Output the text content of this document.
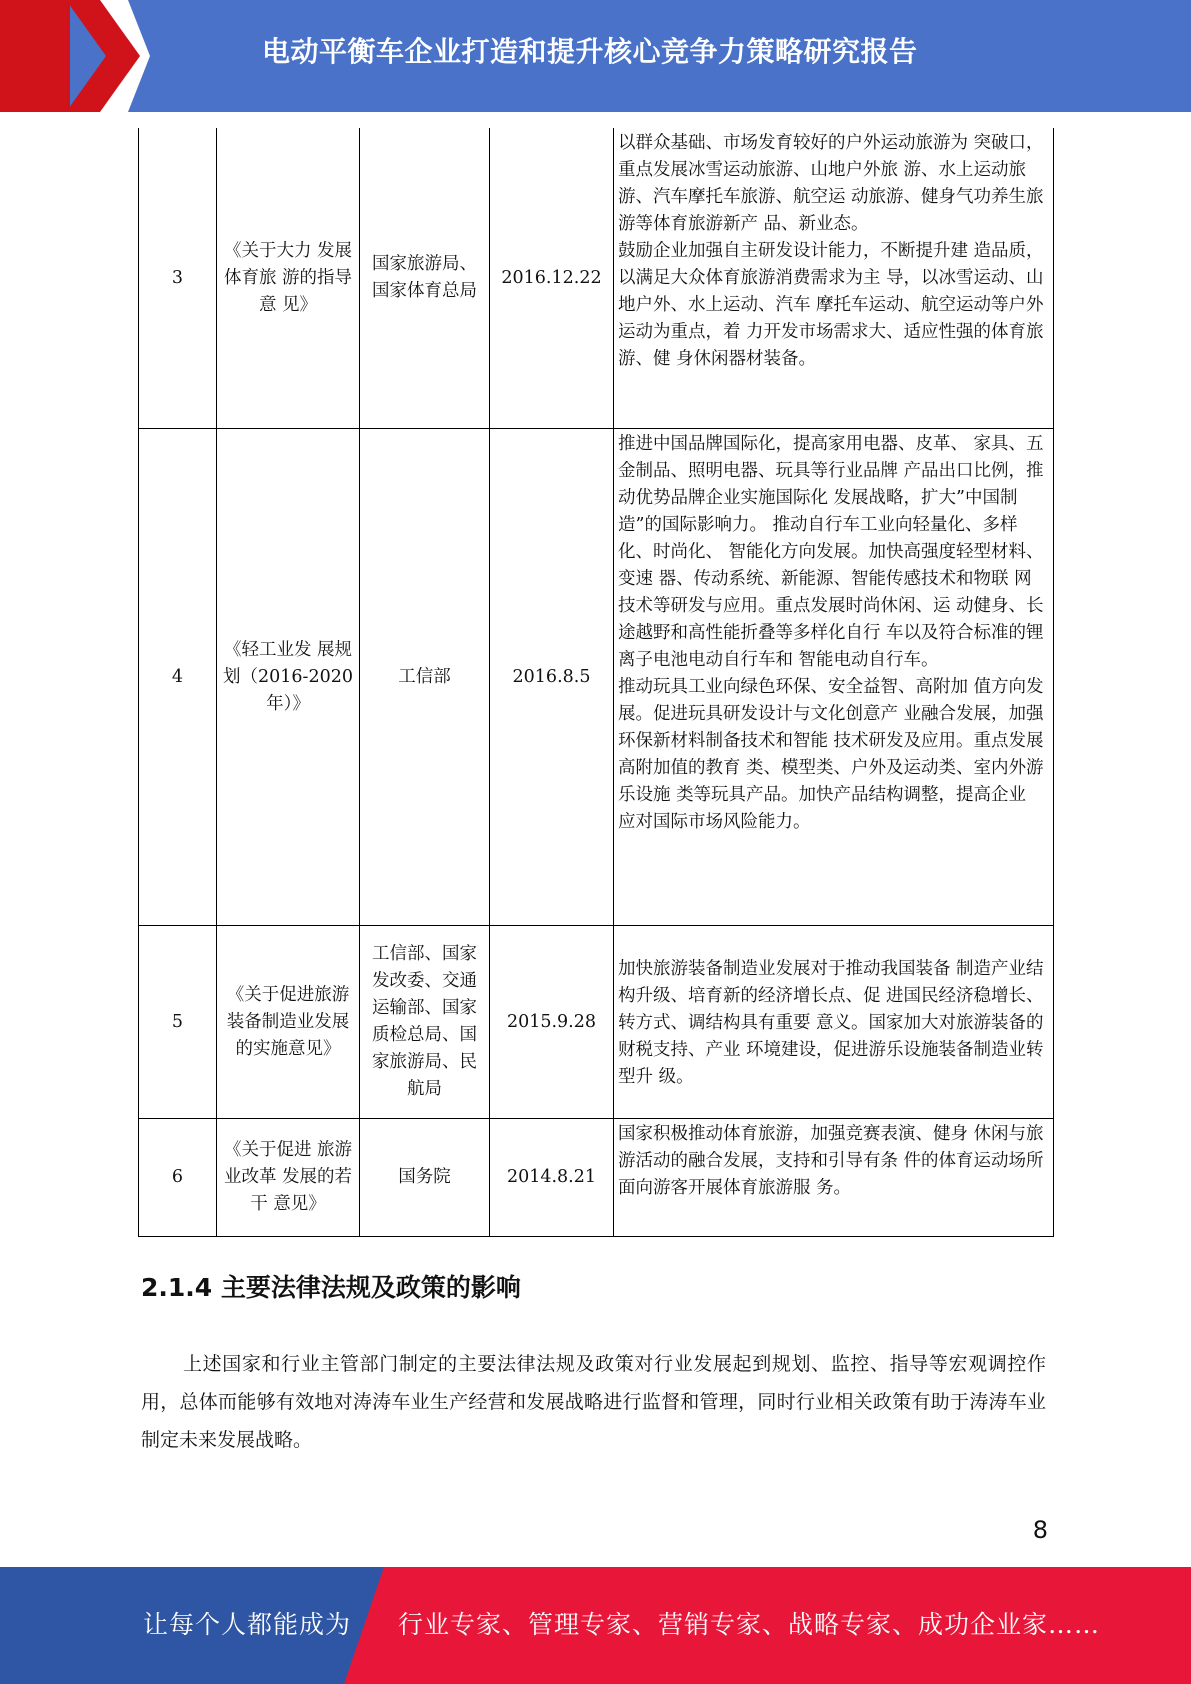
电动平衡车企业打造和提升核心竞争力策略研究报告
3	《关于大力 发展体育旅 游的指导意 见》	国家旅游局、国家体育总局	2016.12.22	以群众基础、市场发育较好的户外运动旅游为 突破口，重点发展冰雪运动旅游、山地户外旅 游、水上运动旅游、汽车摩托车旅游、航空运 动旅游、健身气功养生旅游等体育旅游新产 品、新业态。

鼓励企业加强自主研发设计能力，不断提升建 造品质，以满足大众体育旅游消费需求为主 导，以冰雪运动、山地户外、水上运动、汽车 摩托车运动、航空运动等户外运动为重点，着 力开发市场需求大、适应性强的体育旅游、健 身休闲器材装备。

4	《轻工业发 展规划（2016-2020年）》	工信部	2016.8.5	推进中国品牌国际化，提高家用电器、皮革、 家具、五金制品、照明电器、玩具等行业品牌 产品出口比例，推动优势品牌企业实施国际化 发展战略，扩大”中国制造”的国际影响力。 推动自行车工业向轻量化、多样化、时尚化、 智能化方向发展。加快高强度轻型材料、变速 器、传动系统、新能源、智能传感技术和物联 网技术等研发与应用。重点发展时尚休闲、运 动健身、长途越野和高性能折叠等多样化自行 车以及符合标准的锂离子电池电动自行车和 智能电动自行车。

推动玩具工业向绿色环保、安全益智、高附加 值方向发展。促进玩具研发设计与文化创意产 业融合发展，加强环保新材料制备技术和智能 技术研发及应用。重点发展高附加值的教育 类、模型类、户外及运动类、室内外游乐设施 类等玩具产品。加快产品结构调整，提高企业 应对国际市场风险能力。

5	《关于促进旅游装备制造业发展的实施意见》	工信部、国家发改委、交通运输部、国家质检总局、国家旅游局、民航局	2015.9.28	加快旅游装备制造业发展对于推动我国装备 制造产业结构升级、培育新的经济增长点、促 进国民经济稳增长、转方式、调结构具有重要 意义。国家加大对旅游装备的财税支持、产业 环境建设，促进游乐设施装备制造业转型升 级。

6	《关于促进 旅游业改革 发展的若干 意见》	国务院	2014.8.21	国家积极推动体育旅游，加强竞赛表演、健身 休闲与旅游活动的融合发展，支持和引导有条 件的体育运动场所面向游客开展体育旅游服 务。

2.1.4 主要法律法规及政策的影响

上述国家和行业主管部门制定的主要法律法规及政策对行业发展起到规划、监控、指导等宏观调控作用，总体而能够有效地对涛涛车业生产经营和发展战略进行监督和管理，同时行业相关政策有助于涛涛车业制定未来发展战略。

8
让每个人都能成为 行业专家、管理专家、营销专家、战略专家、成功企业家……
